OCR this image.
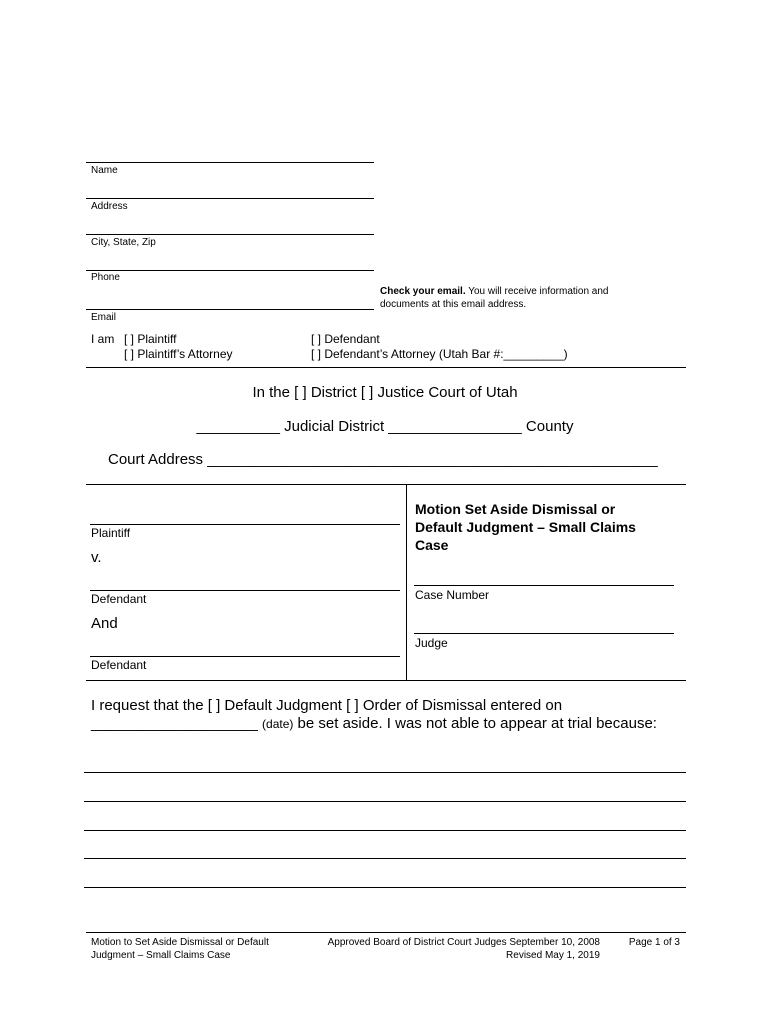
Name
Address
City, State, Zip
Phone
Email
Check your email. You will receive information and
documents at this email address.
I am [ ] Plaintiff
[ ] Plaintiff’s Attorney
[ ] Defendant
[ ] Defendant’s Attorney (Utah Bar #:_________)
In the [ ] District [ ] Justice Court of Utah
__________ Judicial District ________________ County
Court Address ______________________________________________________
Plaintiff
v.
Defendant
And
Defendant
Motion Set Aside Dismissal or
Default Judgment – Small Claims
Case
Case Number
Judge
I request that the [ ] Default Judgment [ ] Order of Dismissal entered on
____________________ (date) be set aside. I was not able to appear at trial because:
Motion to Set Aside Dismissal or Default
Judgment – Small Claims Case
Approved Board of District Court Judges September 10, 2008
Revised May 1, 2019
Page 1 of 3
